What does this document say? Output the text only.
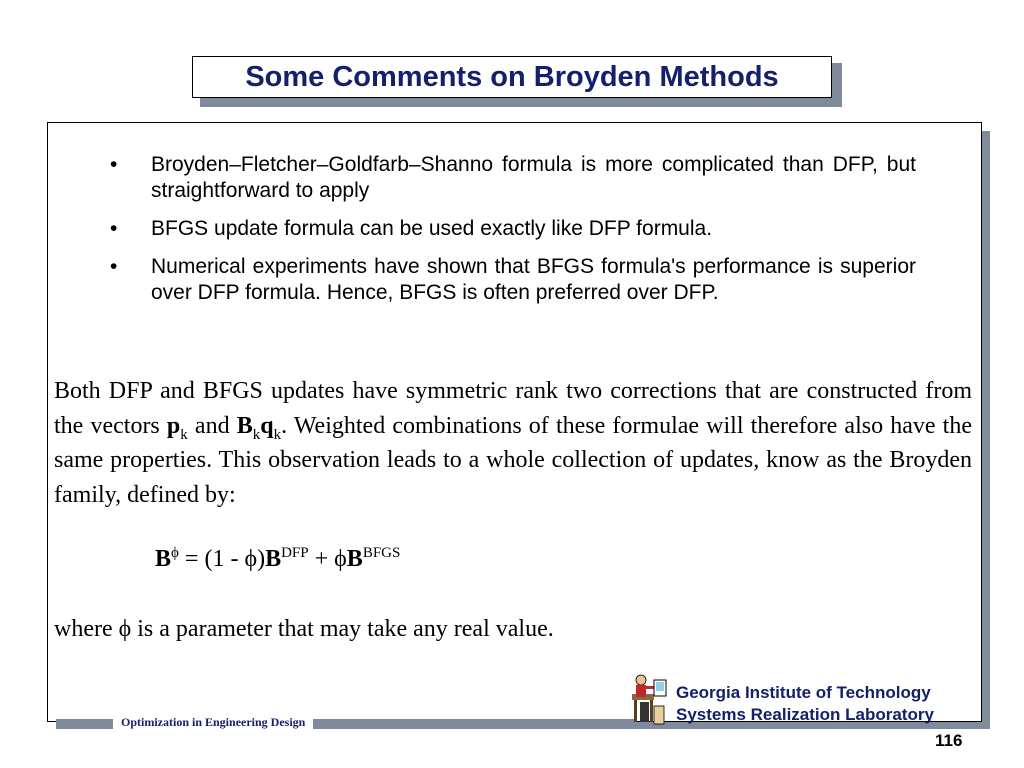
Some Comments on Broyden Methods
• Broyden–Fletcher–Goldfarb–Shanno formula is more complicated than DFP, but straightforward to apply
• BFGS update formula can be used exactly like DFP formula.
• Numerical experiments have shown that BFGS formula's performance is superior over DFP formula. Hence, BFGS is often preferred over DFP.

Both DFP and BFGS updates have symmetric rank two corrections that are constructed from the vectors $p_k$ and $B_kq_k$. Weighted combinations of these formulae will therefore also have the same properties. This observation leads to a whole collection of updates, know as the Broyden family, defined by:

$B^\phi = (1 - \phi)B^{DFP} + \phi B^{BFGS}$
where ϕ is a parameter that may take any real value.
Optimization in Engineering Design
Georgia Institute of Technology
Systems Realization Laboratory
116
